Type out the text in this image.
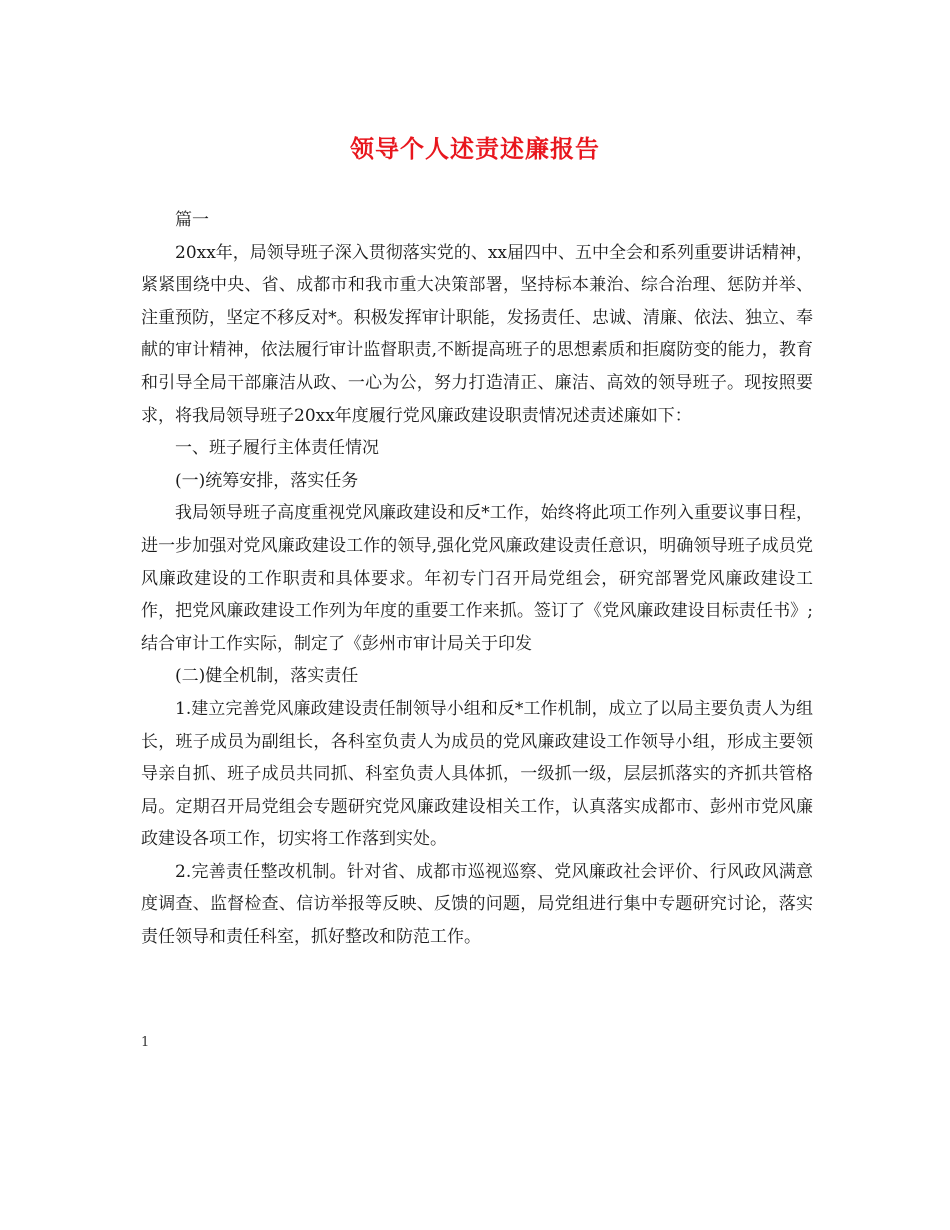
领导个人述责述廉报告

篇一

20xx年，局领导班子深入贯彻落实党的、xx届四中、五中全会和系列重要讲话精神，紧紧围绕中央、省、成都市和我市重大决策部署，坚持标本兼治、综合治理、惩防并举、注重预防，坚定不移反对*。积极发挥审计职能，发扬责任、忠诚、清廉、依法、独立、奉献的审计精神，依法履行审计监督职责,不断提高班子的思想素质和拒腐防变的能力，教育和引导全局干部廉洁从政、一心为公，努力打造清正、廉洁、高效的领导班子。现按照要求，将我局领导班子20xx年度履行党风廉政建设职责情况述责述廉如下：

一、班子履行主体责任情况

(一)统筹安排，落实任务

我局领导班子高度重视党风廉政建设和反*工作，始终将此项工作列入重要议事日程，进一步加强对党风廉政建设工作的领导,强化党风廉政建设责任意识，明确领导班子成员党风廉政建设的工作职责和具体要求。年初专门召开局党组会，研究部署党风廉政建设工作，把党风廉政建设工作列为年度的重要工作来抓。签订了《党风廉政建设目标责任书》;结合审计工作实际，制定了《彭州市审计局关于印发

(二)健全机制，落实责任

1.建立完善党风廉政建设责任制领导小组和反*工作机制，成立了以局主要负责人为组长，班子成员为副组长，各科室负责人为成员的党风廉政建设工作领导小组，形成主要领导亲自抓、班子成员共同抓、科室负责人具体抓，一级抓一级，层层抓落实的齐抓共管格局。定期召开局党组会专题研究党风廉政建设相关工作，认真落实成都市、彭州市党风廉政建设各项工作，切实将工作落到实处。

2.完善责任整改机制。针对省、成都市巡视巡察、党风廉政社会评价、行风政风满意度调查、监督检查、信访举报等反映、反馈的问题，局党组进行集中专题研究讨论，落实责任领导和责任科室，抓好整改和防范工作。

1
